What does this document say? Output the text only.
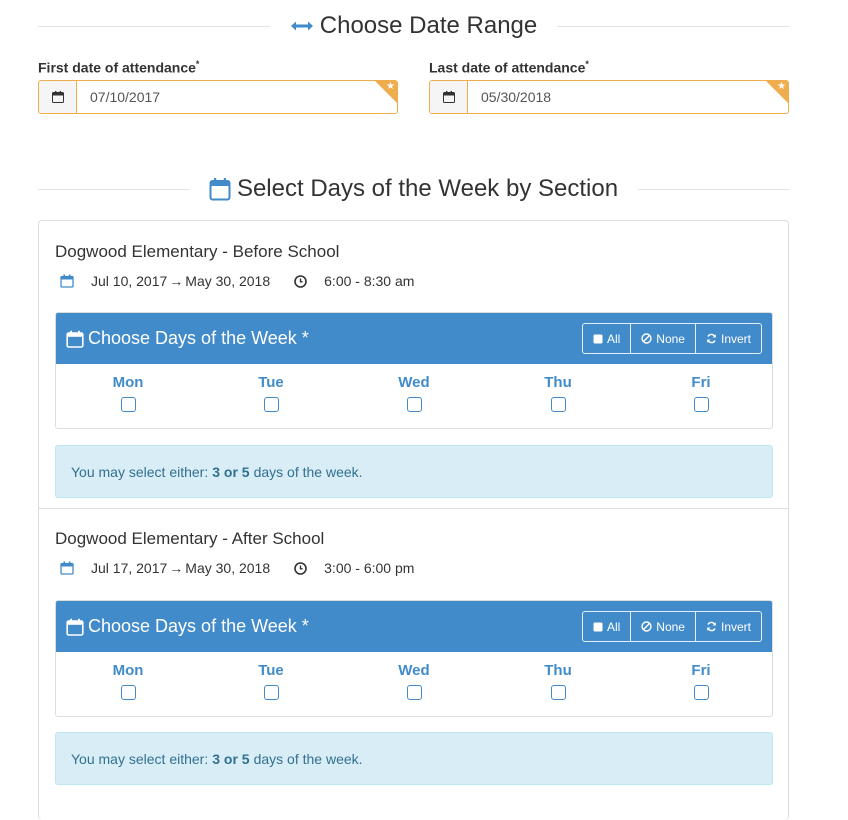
Choose Date Range
First date of attendance*
07/10/2017
★
Last date of attendance*
05/30/2018
★
Select Days of the Week by Section
Dogwood Elementary - Before School
Jul 10, 2017 → May 30, 2018	6:00 - 8:30 am
Choose Days of the Week *	All	None	Invert
Mon	Tue	Wed	Thu	Fri
You may select either: 3 or 5 days of the week.
Dogwood Elementary - After School
Jul 17, 2017 → May 30, 2018	3:00 - 6:00 pm
Choose Days of the Week *	All	None	Invert
Mon	Tue	Wed	Thu	Fri
You may select either: 3 or 5 days of the week.
